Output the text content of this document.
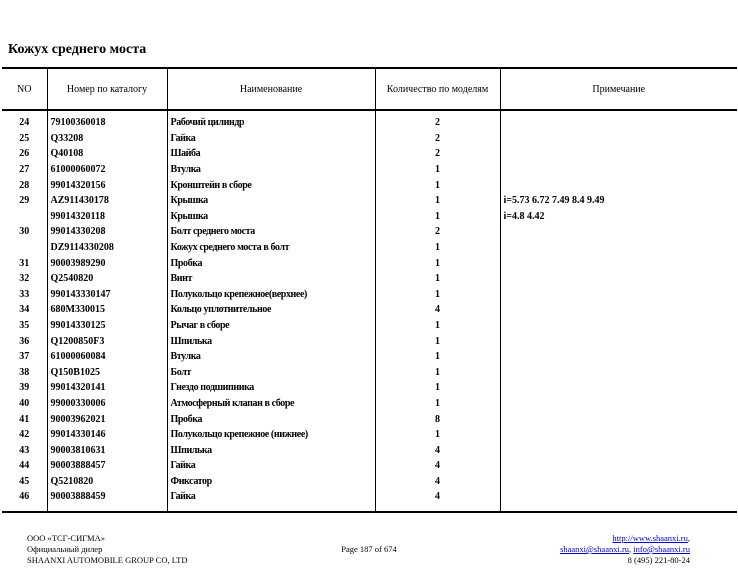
Кожух среднего моста
NO	Номер по каталогу	Наименование	Количество по моделям	Примечание
24	79100360018	Рабочий цилиндр	2	
25	Q33208	Гайка	2	
26	Q40108	Шайба	2	
27	61000060072	Втулка	1	
28	99014320156	Кронштейн в сборе	1	
29	AZ911430178	Крышка	1	i=5.73 6.72 7.49 8.4 9.49
	99014320118	Крышка	1	i=4.8 4.42
30	99014330208	Болт среднего моста	2	
	DZ9114330208	Кожух среднего моста в болт	1	
31	90003989290	Пробка	1	
32	Q2540820	Винт	1	
33	990143330147	Полукольцо крепежное(верхнее)	1	
34	680M330015	Кольцо уплотнительное	4	
35	99014330125	Рычаг в сборе	1	
36	Q1200850F3	Шпилька	1	
37	61000060084	Втулка	1	
38	Q150B1025	Болт	1	
39	99014320141	Гнездо подшипника	1	
40	99000330006	Атмосферный клапан в сборе	1	
41	90003962021	Пробка	8	
42	99014330146	Полукольцо крепежное (нижнее)	1	
43	90003810631	Шпилька	4	
44	90003888457	Гайка	4	
45	Q5210820	Фиксатор	4	
46	90003888459	Гайка	4	
ООО «ТСГ-СИГМА»
Официальный дилер
SHAANXI AUTOMOBILE GROUP CO, LTD
Page 187 of 674
http://www.shaanxi.ru,
shaanxi@shaanxi.ru, info@shaanxi.ru
8 (495) 221-80-24
